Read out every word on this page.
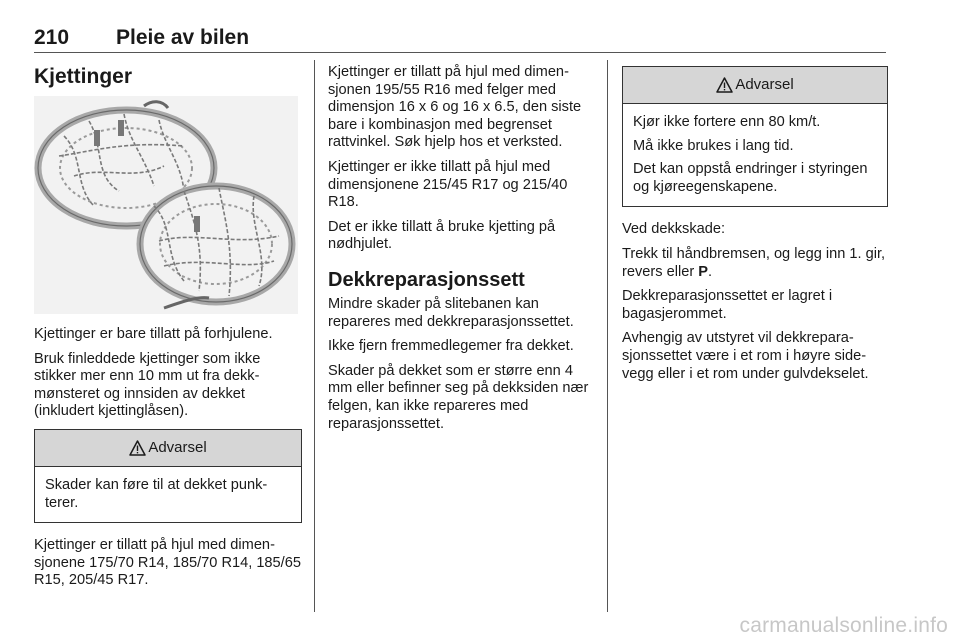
210 Pleie av bilen
Kjettinger

Kjettinger er bare tillatt på forhjulene.

Bruk finleddede kjettinger som ikke stikker mer enn 10 mm ut fra dekkmønsteret og innsiden av dekket (inkludert kjettinglåsen).

Advarsel

Skader kan føre til at dekket punkterer.

Kjettinger er tillatt på hjul med dimensjonene 175/70 R14, 185/70 R14, 185/65 R15, 205/45 R17.

Kjettinger er tillatt på hjul med dimensjonen 195/55 R16 med felger med dimensjon 16 x 6 og 16 x 6.5, den siste bare i kombinasjon med begrenset rattvinkel. Søk hjelp hos et verksted.

Kjettinger er ikke tillatt på hjul med dimensjonene 215/45 R17 og 215/40 R18.

Det er ikke tillatt å bruke kjetting på nødhjulet.

Dekkreparasjonssett

Mindre skader på slitebanen kan repareres med dekkreparasjonssettet.

Ikke fjern fremmedlegemer fra dekket.

Skader på dekket som er større enn 4 mm eller befinner seg på dekksiden nær felgen, kan ikke repareres med reparasjonssettet.

Advarsel

Kjør ikke fortere enn 80 km/t.

Må ikke brukes i lang tid.

Det kan oppstå endringer i styringen og kjøreegenskapene.

Ved dekkskade:

Trekk til håndbremsen, og legg inn 1. gir, revers eller P.

Dekkreparasjonssettet er lagret i bagasjerommet.

Avhengig av utstyret vil dekkreparasjonssettet være i et rom i høyre sidevegg eller i et rom under gulvdekselet.

carmanualsonline.info
